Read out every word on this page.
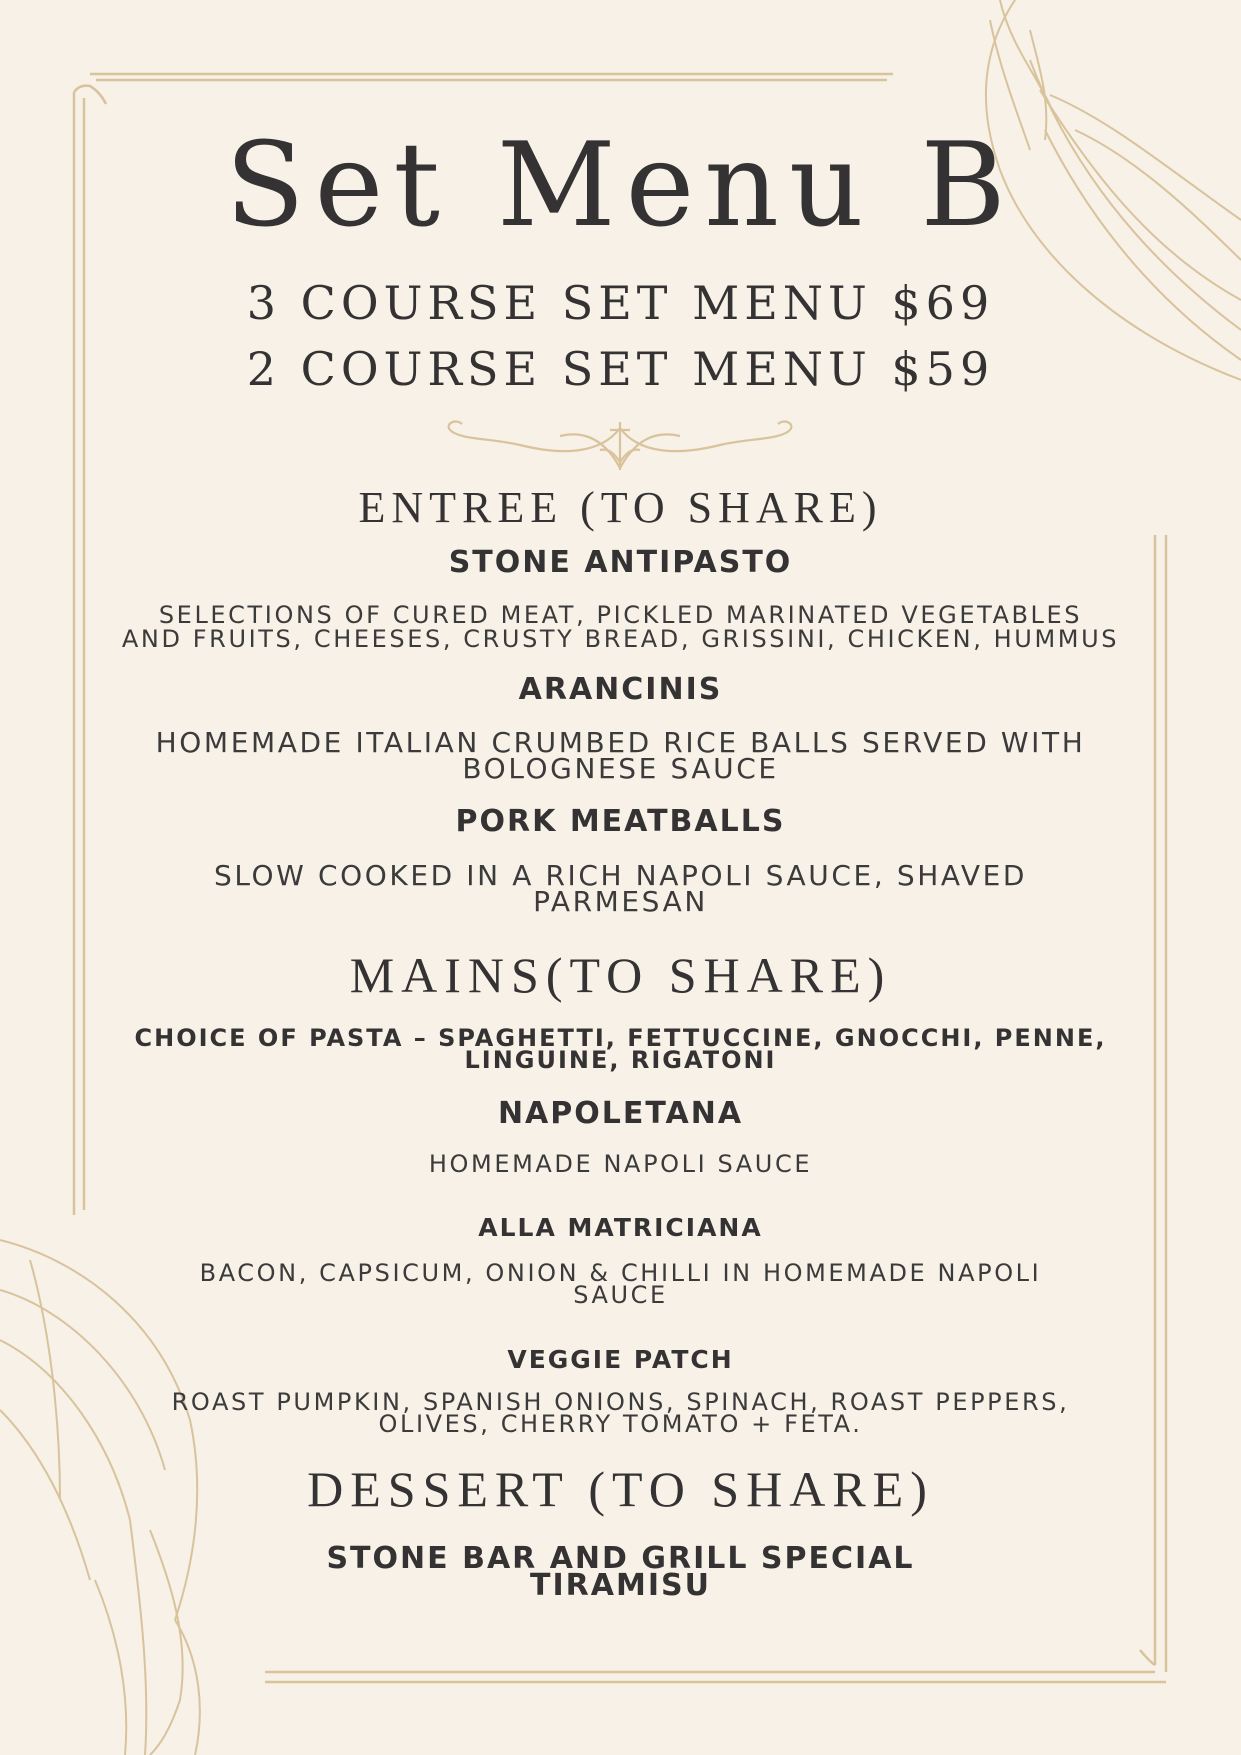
Set Menu B
3 COURSE SET MENU $69
2 COURSE SET MENU $59
ENTREE (TO SHARE)
STONE ANTIPASTO

SELECTIONS OF CURED MEAT, PICKLED MARINATED VEGETABLES

AND FRUITS, CHEESES, CRUSTY BREAD, GRISSINI, CHICKEN, HUMMUS

ARANCINIS

HOMEMADE ITALIAN CRUMBED RICE BALLS SERVED WITH

BOLOGNESE SAUCE

PORK MEATBALLS

SLOW COOKED IN A RICH NAPOLI SAUCE, SHAVED

PARMESAN

MAINS(TO SHARE)
CHOICE OF PASTA – SPAGHETTI, FETTUCCINE, GNOCCHI, PENNE,
LINGUINE, RIGATONI
NAPOLETANA

HOMEMADE NAPOLI SAUCE

ALLA MATRICIANA

BACON, CAPSICUM, ONION & CHILLI IN HOMEMADE NAPOLI

SAUCE

VEGGIE PATCH

ROAST PUMPKIN, SPANISH ONIONS, SPINACH, ROAST PEPPERS,

OLIVES, CHERRY TOMATO + FETA.

DESSERT (TO SHARE)
STONE BAR AND GRILL SPECIAL
TIRAMISU
